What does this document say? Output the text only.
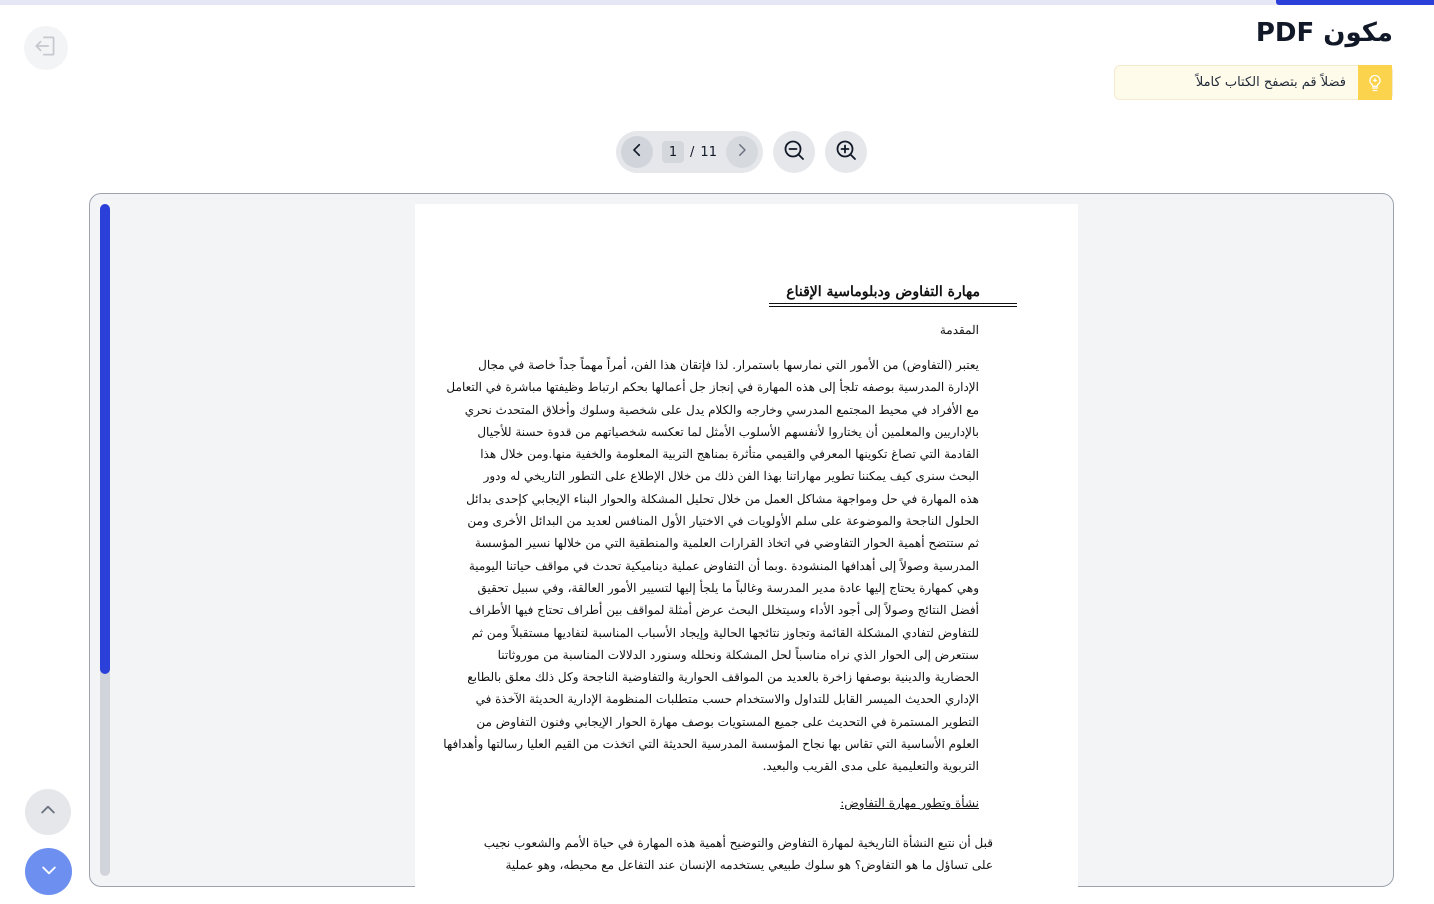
مكون PDF
فضلاً قم بتصفح الكتاب كاملاً
1 / 11
مهارة التفاوض ودبلوماسية الإقناع
المقدمة
يعتبر (التفاوض) من الأمور التي نمارسها باستمرار. لذا فإتقان هذا الفن، أمراً مهماً جداً خاصة في مجال
الإدارة المدرسية بوصفه تلجأ إلى هذه المهارة في إنجاز جل أعمالها بحكم ارتباط وظيفتها مباشرة في التعامل
مع الأفراد في محيط المجتمع المدرسي وخارجه والكلام يدل على شخصية وسلوك وأخلاق المتحدث نحري
بالإداريين والمعلمين أن يختاروا لأنفسهم الأسلوب الأمثل لما تعكسه شخصياتهم من قدوة حسنة للأجيال
القادمة التي تصاغ تكوينها المعرفي والقيمي متأثرة بمناهج التربية المعلومة والخفية منها.ومن خلال هذا
البحث سنرى كيف يمكننا تطوير مهاراتنا بهذا الفن ذلك من خلال الإطلاع على التطور التاريخي له ودور
هذه المهارة في حل ومواجهة مشاكل العمل من خلال تحليل المشكلة والحوار البناء الإيجابي كإحدى بدائل
الحلول الناجحة والموضوعة على سلم الأولويات في الاختيار الأول المنافس لعديد من البدائل الأخرى ومن
ثم ستتضح أهمية الحوار التفاوضي في اتخاذ القرارات العلمية والمنطقية التي من خلالها نسير المؤسسة
المدرسية وصولاً إلى أهدافها المنشودة .وبما أن التفاوض عملية ديناميكية تحدث في مواقف حياتنا اليومية
وهي كمهارة يحتاج إليها عادة مدير المدرسة وغالباً ما يلجأ إليها لتسيير الأمور العالقة، وفي سبيل تحقيق
أفضل النتائج وصولاً إلى أجود الأداء وسيتخلل البحث عرض أمثلة لمواقف بين أطراف تحتاج فيها الأطراف
للتفاوض لتفادي المشكلة القائمة وتجاوز نتائجها الحالية وإيجاد الأسباب المناسبة لتفاديها مستقبلاً ومن ثم
سنتعرض إلى الحوار الذي نراه مناسباً لحل المشكلة ونحلله وسنورد الدلالات المناسبة من موروثاتنا
الحضارية والدينية بوصفها زاخرة بالعديد من المواقف الحوارية والتفاوضية الناجحة وكل ذلك معلق بالطابع
الإداري الحديث الميسر القابل للتداول والاستخدام حسب متطلبات المنظومة الإدارية الحديثة الآخذة في
التطوير المستمرة في التحديث على جميع المستويات بوصف مهارة الحوار الإيجابي وفنون التفاوض من
العلوم الأساسية التي تقاس بها نجاح المؤسسة المدرسية الحديثة التي اتخذت من القيم العليا رسالتها وأهدافها
التربوية والتعليمية على مدى القريب والبعيد.
نشأة وتطور مهارة التفاوض:
قبل أن نتبع النشأة التاريخية لمهارة التفاوض والتوضيح أهمية هذه المهارة في حياة الأمم والشعوب نجيب
على تساؤل ما هو التفاوض؟ هو سلوك طبيعي يستخدمه الإنسان عند التفاعل مع محيطه، وهو عملية
